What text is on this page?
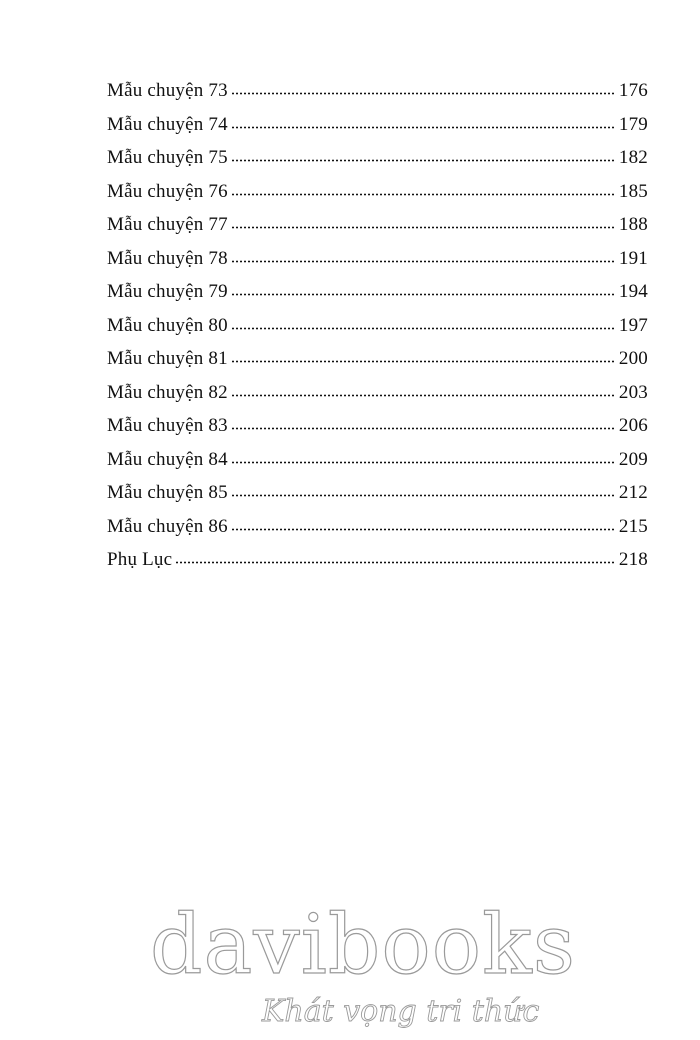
Mẫu chuyện 73	176
Mẫu chuyện 74	179
Mẫu chuyện 75	182
Mẫu chuyện 76	185
Mẫu chuyện 77	188
Mẫu chuyện 78	191
Mẫu chuyện 79	194
Mẫu chuyện 80	197
Mẫu chuyện 81	200
Mẫu chuyện 82	203
Mẫu chuyện 83	206
Mẫu chuyện 84	209
Mẫu chuyện 85	212
Mẫu chuyện 86	215
Phụ Lục	218
davibooks
Khát vọng tri thức
